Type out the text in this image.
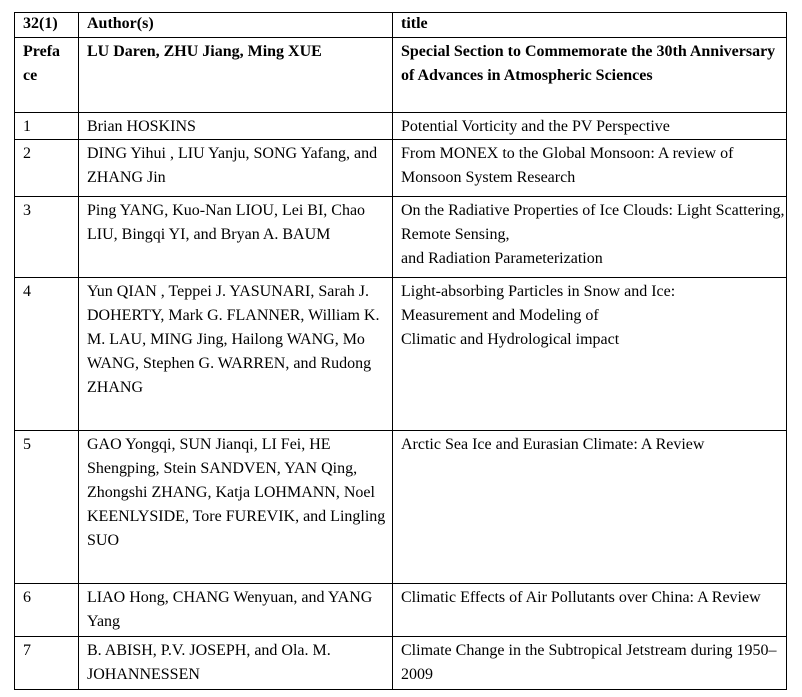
32(1)	Author(s)	title
Prefa ce	LU Daren, ZHU Jiang, Ming XUE	Special Section to Commemorate the 30th Anniversary of Advances in Atmospheric Sciences
1	Brian HOSKINS	Potential Vorticity and the PV Perspective
2	DING Yihui , LIU Yanju, SONG Yafang, and ZHANG Jin	From MONEX to the Global Monsoon: A review of Monsoon System Research
3	Ping YANG, Kuo-Nan LIOU, Lei BI, Chao LIU, Bingqi YI, and Bryan A. BAUM	On the Radiative Properties of Ice Clouds: Light Scattering, Remote Sensing,
and Radiation Parameterization
4	Yun QIAN , Teppei J. YASUNARI, Sarah J. DOHERTY, Mark G. FLANNER, William K. M. LAU, MING Jing, Hailong WANG, Mo WANG, Stephen G. WARREN, and Rudong ZHANG	Light-absorbing Particles in Snow and Ice:
Measurement and Modeling of
Climatic and Hydrological impact
5	GAO Yongqi, SUN Jianqi, LI Fei, HE Shengping, Stein SANDVEN, YAN Qing, Zhongshi ZHANG, Katja LOHMANN, Noel KEENLYSIDE, Tore FUREVIK, and Lingling SUO	Arctic Sea Ice and Eurasian Climate: A Review
6	LIAO Hong, CHANG Wenyuan, and YANG Yang	Climatic Effects of Air Pollutants over China: A Review
7	B. ABISH, P.V. JOSEPH, and Ola. M. JOHANNESSEN	Climate Change in the Subtropical Jetstream during 1950–2009
